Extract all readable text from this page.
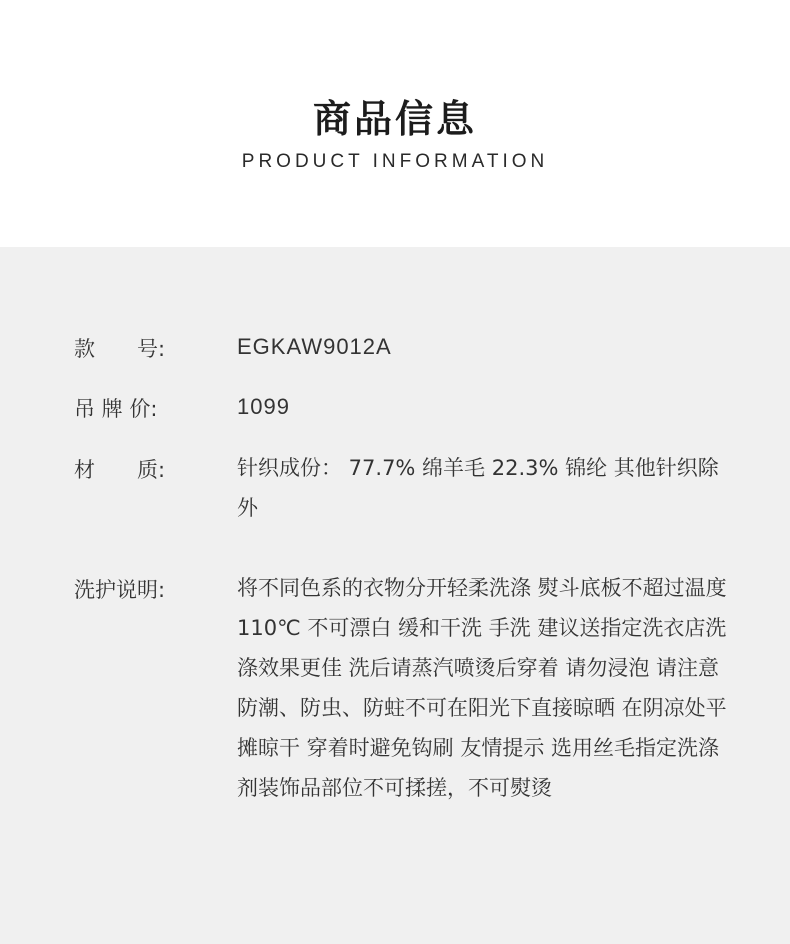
商品信息
PRODUCT INFORMATION
款　　号:	EGKAW9012A
吊 牌 价:	1099
材　　质:	针织成份： 77.7% 绵羊毛 22.3% 锦纶 其他针织除外
洗护说明:	将不同色系的衣物分开轻柔洗涤 熨斗底板不超过温度110℃ 不可漂白 缓和干洗 手洗 建议送指定洗衣店洗涤效果更佳 洗后请蒸汽喷烫后穿着 请勿浸泡 请注意防潮、防虫、防蛀不可在阳光下直接晾晒 在阴凉处平摊晾干 穿着时避免钩刷 友情提示 选用丝毛指定洗涤剂装饰品部位不可揉搓，不可熨烫
